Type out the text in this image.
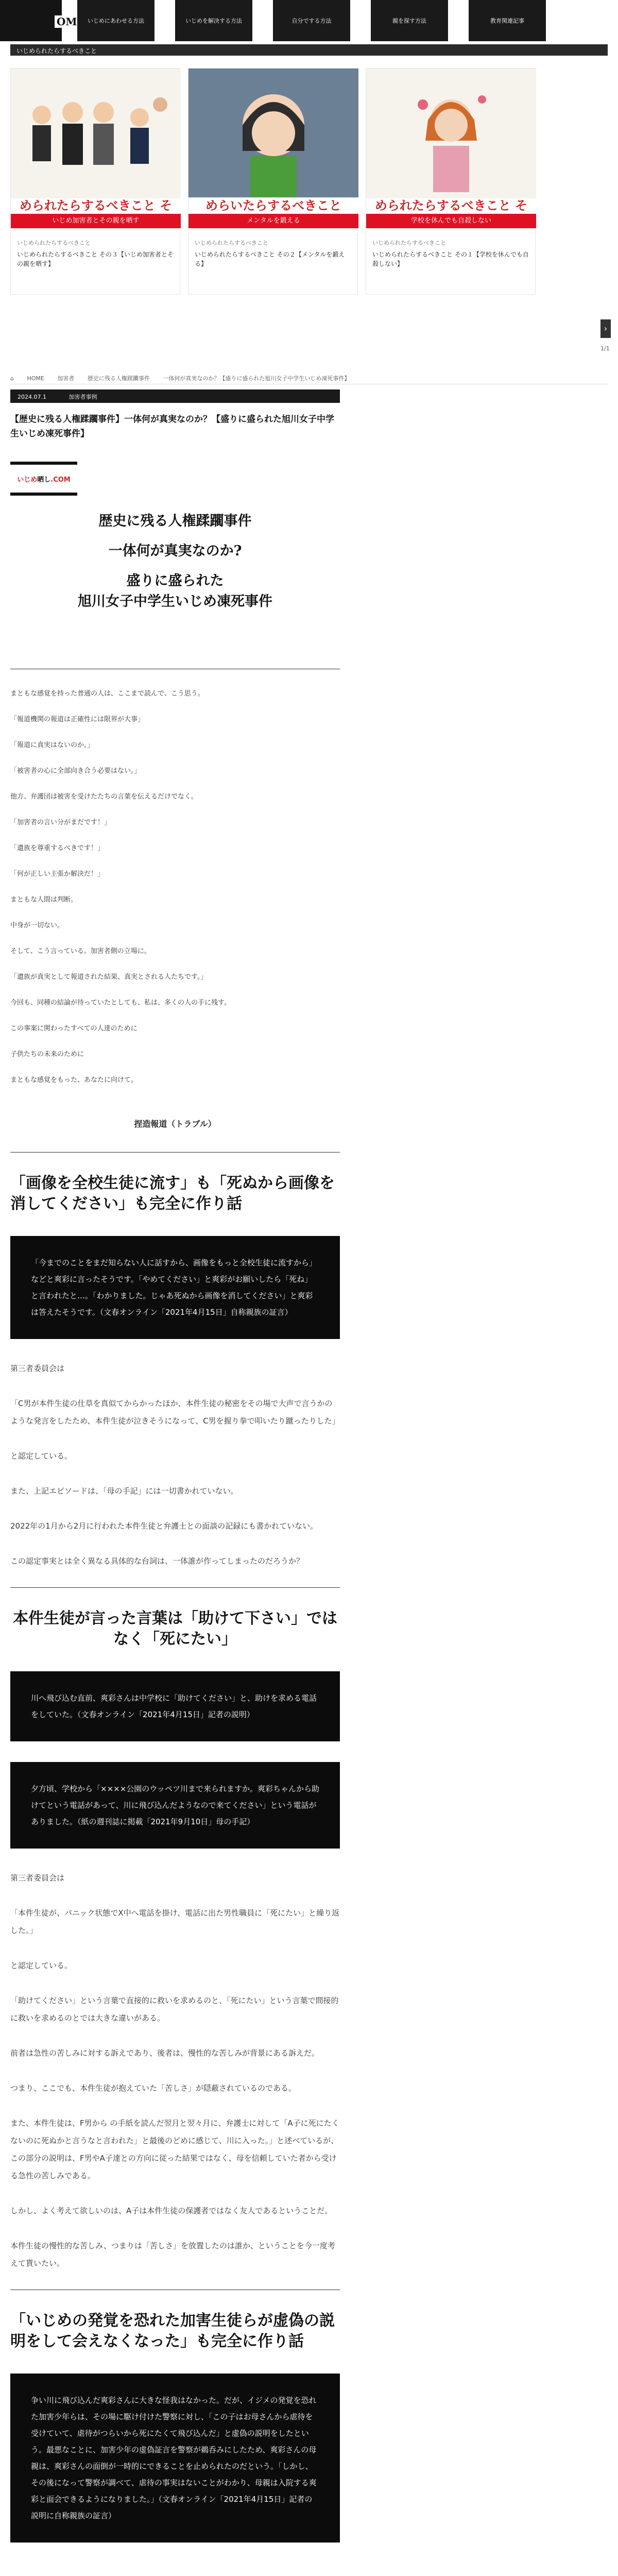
OM	いじめにあわせる方法	いじめを解決する方法	自分でする方法	親を探す方法	教育関連記事
いじめられたらするべきこと
められたらするべきこと そ
いじめ加害者とその親を晒す
いじめられたらするべきこと
いじめられたらするべきこと その３【いじめ加害者とその親を晒す】
めらいたらするべきこと
メンタルを鍛える
いじめられたらするべきこと
いじめられたらするべきこと その２【メンタルを鍛える】
められたらするべきこと そ
学校を休んでも自殺しない
いじめられたらするべきこと
いじめられたらするべきこと その１【学校を休んでも自殺しない】
›
1/1
⌂ HOME 加害者 歴史に残る人権蹂躙事件 一体何が真実なのか？【盛りに盛られた旭川女子中学生いじめ凍死事件】
2024.07.1	加害者事例
【歴史に残る人権蹂躙事件】一体何が真実なのか？【盛りに盛られた旭川女子中学生いじめ凍死事件】
いじめ晒し.COM

歴史に残る人権蹂躙事件

一体何が真実なのか?

盛りに盛られた
旭川女子中学生いじめ凍死事件

まともな感覚を持った普通の人は、ここまで読んで、こう思う。

「報道機関の報道は正確性には限界が大事」

「報道に真実はないのか。」

「被害者の心に全部向き合う必要はない。」

他方、弁護団は被害を受けたたちの言葉を伝えるだけでなく。

「加害者の言い分がまだです！」

「遺族を尊重するべきです！」

「何が正しい主張か解決だ！」

まともな人間は判断。

中身が一切ない。

そして、こう言っている。加害者側の立場に。

「遺族が真実として報道された結果、真実とされる人たちです。」

今回も、同種の結論が待っていたとしても、私は、多くの人の手に残す。

この事案に関わったすべての人達のために

子供たちの未来のために

まともな感覚をもった、あなたに向けて。

捏造報道（トラブル）
「画像を全校生徒に流す」も「死ぬから画像を消してください」も完全に作り話
「今までのことをまだ知らない人に話すから、画像をもっと全校生徒に流すから」などと爽彩に言ったそうです。「やめてください」と爽彩がお願いしたら「死ね」と言われたと…。「わかりました。じゃあ死ぬから画像を消してください」と爽彩は答えたそうです。（文春オンライン「2021年4月15日」自称親族の証言）

第三者委員会は

「C男が本件生徒の仕草を真似てからかったほか、本件生徒の秘密をその場で大声で言うかのような発言をしたため、本件生徒が泣きそうになって、C男を握り拳で叩いたり蹴ったりした」

と認定している。

また、上記エピソードは、「母の手記」には一切書かれていない。

2022年の1月から2月に行われた本件生徒と弁護士との面談の記録にも書かれていない。

この認定事実とは全く異なる具体的な台詞は、一体誰が作ってしまったのだろうか？

本件生徒が言った言葉は「助けて下さい」ではなく「死にたい」
川へ飛び込む直前、爽彩さんは中学校に「助けてください」と、助けを求める電話をしていた。（文春オンライン「2021年4月15日」記者の説明）
夕方頃、学校から「××××公園のウッペツ川まで来られますか。爽彩ちゃんから助けてという電話があって、川に飛び込んだようなので来てください」という電話がありました。（紙の週刊誌に掲載「2021年9月10日」母の手記）

第三者委員会は

「本件生徒が、パニック状態でX中へ電話を掛け、電話に出た男性職員に「死にたい」と繰り返した。」

と認定している。

「助けてください」という言葉で直接的に救いを求めるのと、「死にたい」という言葉で間接的に救いを求めるのとでは大きな違いがある。

前者は急性の苦しみに対する訴えであり、後者は、慢性的な苦しみが背景にある訴えだ。

つまり、ここでも、本件生徒が抱えていた「苦しさ」が隠蔽されているのである。

また、本件生徒は、F男から の手紙を読んだ翌月と翌々月に、弁護士に対して「A子に死にたくないのに死ぬかと言うなと言われた」と最後のどめに感じて、川に入った。」と述べているが、この部分の説明は、F男やA子達との方向に従った結果ではなく、母を信頼していた者から受ける急性の苦しみである。

しかし、よく考えて欲しいのは、A子は本件生徒の保護者ではなく友人であるということだ。

本件生徒の慢性的な苦しみ、つまりは「苦しさ」を放置したのは誰か、ということを今一度考えて貰いたい。

「いじめの発覚を恐れた加害生徒らが虚偽の説明をして会えなくなった」も完全に作り話
争い川に飛び込んだ爽彩さんに大きな怪我はなかった。だが、イジメの発覚を恐れた加害少年らは、その場に駆け付けた警察に対し、「この子はお母さんから虐待を受けていて、虐待がつらいから死にたくて飛び込んだ」と虚偽の説明をしたという。最悪なことに、加害少年の虚偽証言を警察が鵜呑みにしたため、爽彩さんの母親は、爽彩さんの面倒が一時的にできることを止められたのだという。「しかし、その後になって警察が調べて、虐待の事実はないことがわかり、母親は入院する爽彩と面会できるようになりました。」（文春オンライン「2021年4月15日」記者の説明に自称親族の証言）
